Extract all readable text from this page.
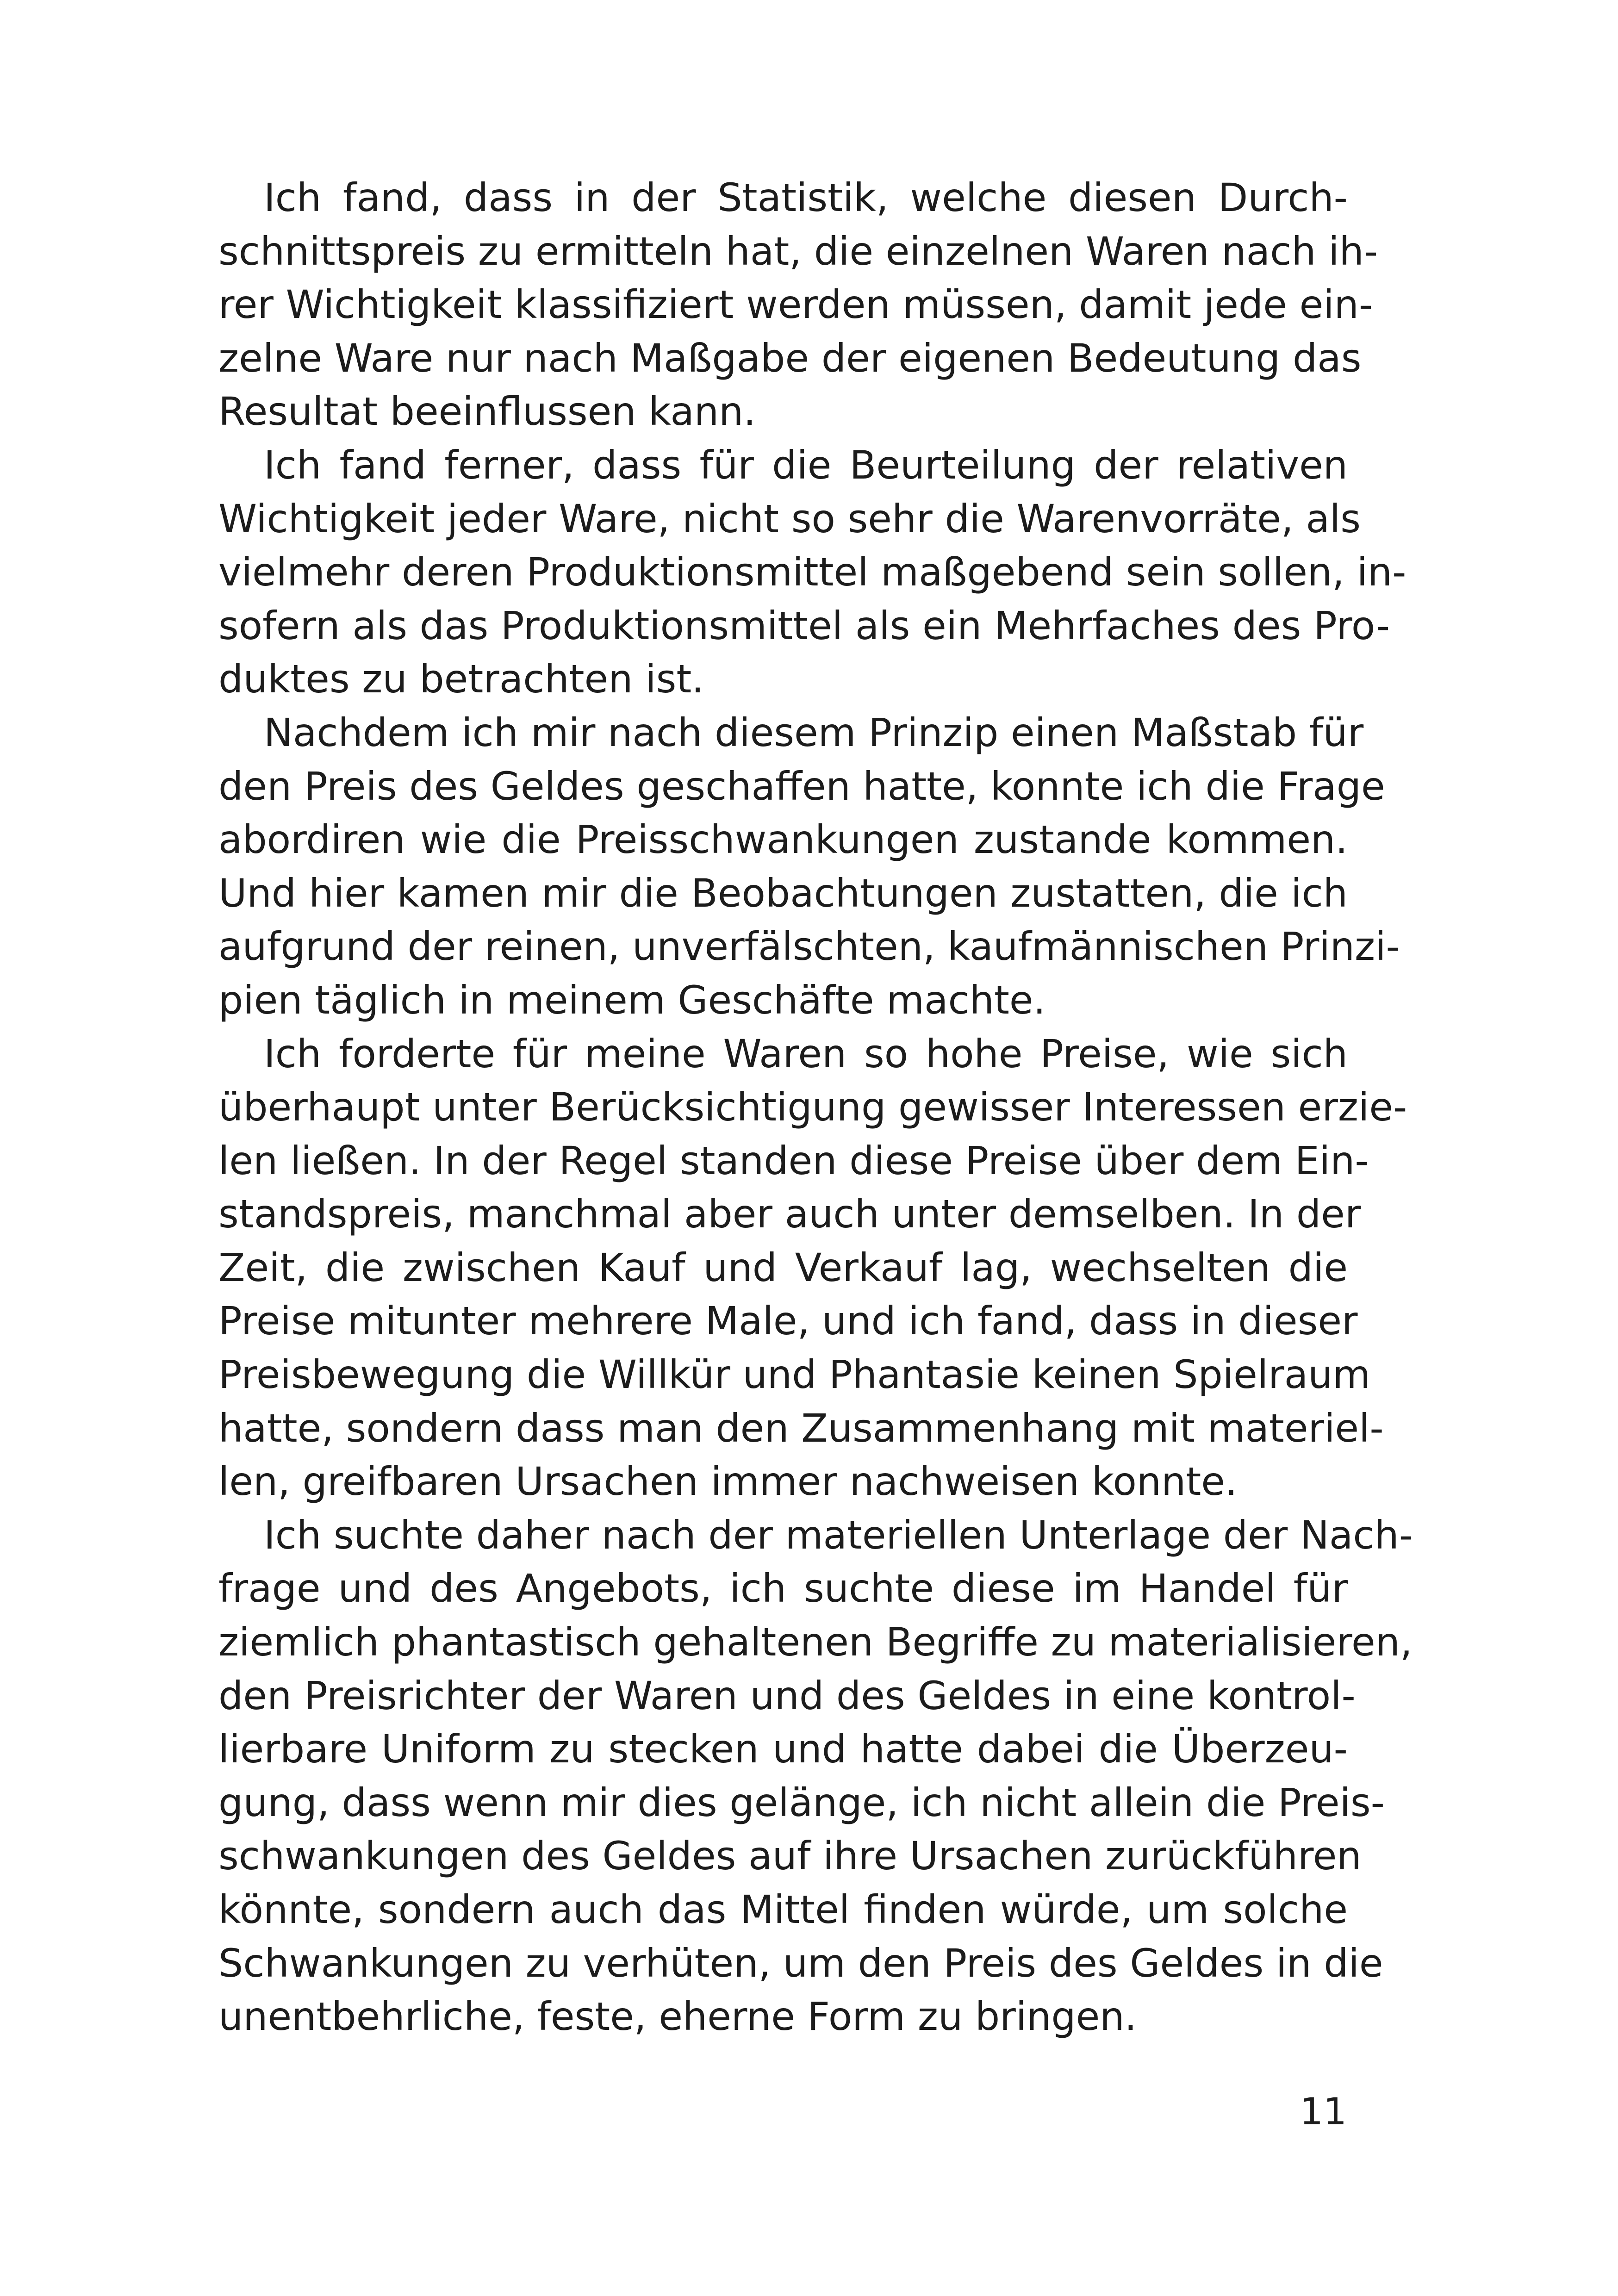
Ich fand, dass in der Statistik, welche diesen Durch-
schnittspreis zu ermitteln hat, die einzelnen Waren nach ih-
rer Wichtigkeit klassifiziert werden müssen, damit jede ein-
zelne Ware nur nach Maßgabe der eigenen Bedeutung das
Resultat beeinflussen kann.
Ich fand ferner, dass für die Beurteilung der relativen
Wichtigkeit jeder Ware, nicht so sehr die Warenvorräte, als
vielmehr deren Produktionsmittel maßgebend sein sollen, in-
sofern als das Produktionsmittel als ein Mehrfaches des Pro-
duktes zu betrachten ist.
Nachdem ich mir nach diesem Prinzip einen Maßstab für
den Preis des Geldes geschaffen hatte, konnte ich die Frage
abordiren wie die Preisschwankungen zustande kommen.
Und hier kamen mir die Beobachtungen zustatten, die ich
aufgrund der reinen, unverfälschten, kaufmännischen Prinzi-
pien täglich in meinem Geschäfte machte.
Ich forderte für meine Waren so hohe Preise, wie sich
überhaupt unter Berücksichtigung gewisser Interessen erzie-
len ließen. In der Regel standen diese Preise über dem Ein-
standspreis, manchmal aber auch unter demselben. In der
Zeit, die zwischen Kauf und Verkauf lag, wechselten die
Preise mitunter mehrere Male, und ich fand, dass in dieser
Preisbewegung die Willkür und Phantasie keinen Spielraum
hatte, sondern dass man den Zusammenhang mit materiel-
len, greifbaren Ursachen immer nachweisen konnte.
Ich suchte daher nach der materiellen Unterlage der Nach-
frage und des Angebots, ich suchte diese im Handel für
ziemlich phantastisch gehaltenen Begriffe zu materialisieren,
den Preisrichter der Waren und des Geldes in eine kontrol-
lierbare Uniform zu stecken und hatte dabei die Überzeu-
gung, dass wenn mir dies gelänge, ich nicht allein die Preis-
schwankungen des Geldes auf ihre Ursachen zurückführen
könnte, sondern auch das Mittel finden würde, um solche
Schwankungen zu verhüten, um den Preis des Geldes in die
unentbehrliche, feste, eherne Form zu bringen.
11
